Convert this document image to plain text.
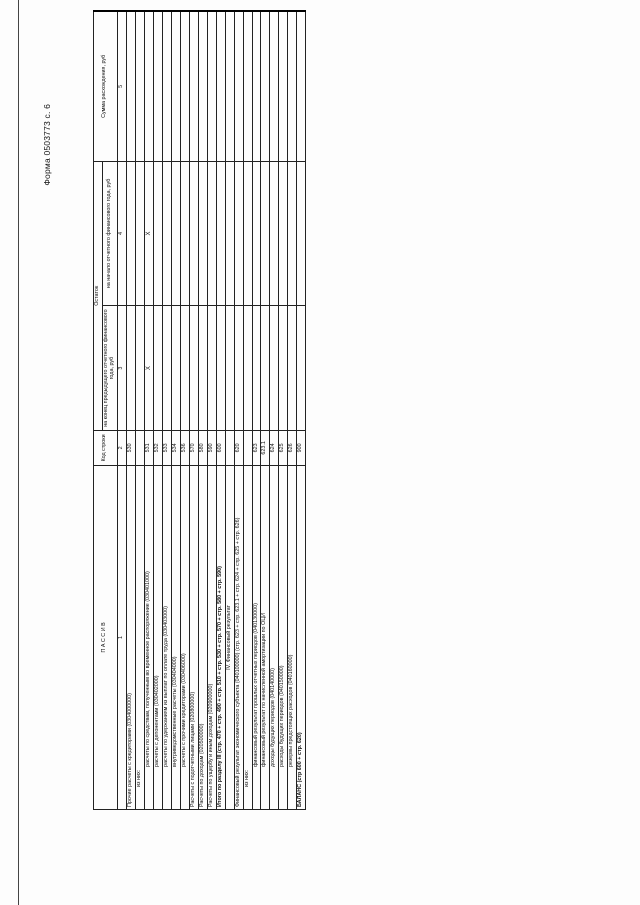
Форма 0503773 с. 6
П А С С И В	Код строки	Остаток		Сумма расхождения, руб
		на конец предыдущего отчетного финансового года, руб	на начало отчетного финансового года, руб	
1	2	3	4	5
Прочие расчеты с кредиторами (0304000000)	530			
из них:				
расчеты по средствам, полученным во временное распоряжение (030401000)	531	Х	Х	
расчеты с депонентами (030402000)	532			
расчеты по удержаниям из выплат по оплате труда (030403000)	533			
внутриведомственные расчеты (030404000)	534			
расчеты с прочими кредиторами (030406000)	536			
Расчеты с подотчетными лицами (020800000)	570			
Расчеты по доходам (020500000)	580			
Расчеты по ущербу и иным доходам (020900000)	590			
Итого по разделу III (стр. 470 + стр. 490 + стр. 510 + стр. 530 + стр. 570 + стр. 580 + стр. 590)	600			
IV. Финансовый результат				
Финансовый результат экономического субъекта (040100000) (стр. 623 + стр. 623.1 + стр. 624 + стр. 625 + стр. 626)	620			
из них:				
финансовый результат прошлых отчетных периодов (040130000)	623			
финансовый результат по начисленной амортизации по ОЦИ	623.1			
доходы будущих периодов (040140000)	624			
расходы будущих периодов (040150000)	625			
резервы предстоящих расходов (040160000)	626			
БАЛАНС (стр 600 + стр. 620)	900			
